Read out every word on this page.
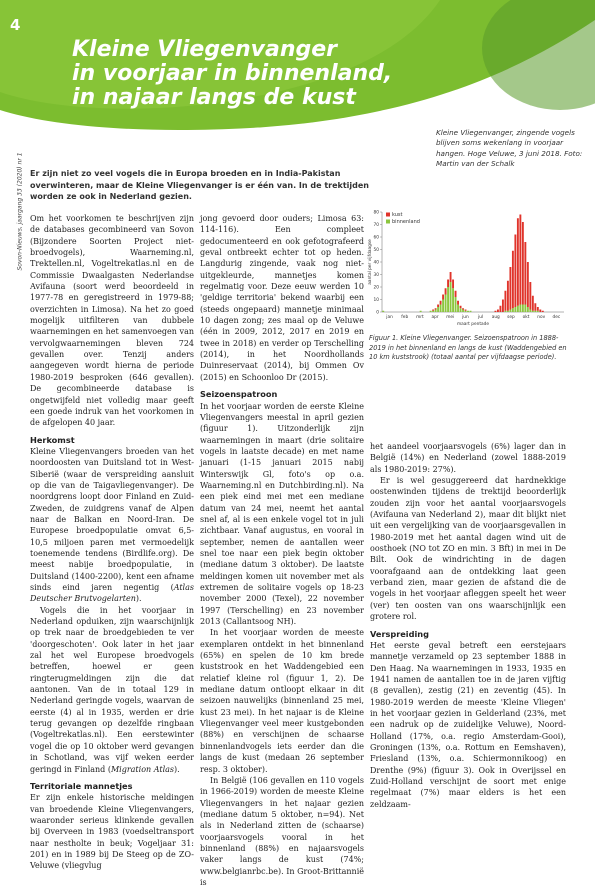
4
Kleine Vliegenvanger
in voorjaar in binnenland,
in najaar langs de kust
Kleine Vliegenvanger, zingende vogels blijven soms wekenlang in voorjaar hangen. Hoge Veluwe, 3 juni 2018. Foto: Martin van der Schalk
Sovon-Nieuws, jaargang 33 (2020) nr 1 Er zijn niet zo veel vogels die in Europa broeden en in India-Pakistan overwinteren, maar de Kleine Vliegenvanger is er één van. In de trektijden worden ze ook in Nederland gezien.

Om het voorkomen te beschrijven zijn de databases gecombineerd van Sovon (Bijzondere Soorten Project niet-broedvogels), Waarneming.nl, Trektellen.nl, Vogeltrekatlas.nl en de Commissie Dwaalgasten Nederlandse Avifauna (soort werd beoordeeld in 1977-78 en geregistreerd in 1979-88; overzichten in Limosa). Na het zo goed mogelijk uitfilteren van dubbele waarnemingen en het samenvoegen van vervolgwaarnemingen bleven 724 gevallen over. Tenzij anders aangegeven wordt hierna de periode 1980-2019 besproken (646 gevallen). De gecombineerde database is ongetwijfeld niet volledig maar geeft een goede indruk van het voorkomen in de afgelopen 40 jaar.

Herkomst

Kleine Vliegenvangers broeden van het noordoosten van Duitsland tot in West-Siberië (waar de verspreiding aansluit op die van de Taigavliegenvanger). De noordgrens loopt door Finland en Zuid-Zweden, de zuidgrens vanaf de Alpen naar de Balkan en Noord-Iran. De Europese broedpopulatie omvat 6,5-10,5 miljoen paren met vermoedelijk toenemende tendens (Birdlife.org). De meest nabije broedpopulatie, in Duitsland (1400-2200), kent een afname sinds eind jaren negentig (Atlas Deutscher Brutvogelarten).

Vogels die in het voorjaar in Nederland opduiken, zijn waarschijnlijk op trek naar de broedgebieden te ver 'doorgeschoten'. Ook later in het jaar zal het wel Europese broedvogels betreffen, hoewel er geen ringterugmeldingen zijn die dat aantonen. Van de in totaal 129 in Nederland geringde vogels, waarvan de eerste (4) al in 1935, werden er drie terug gevangen op dezelfde ringbaan (Vogeltrekatlas.nl). Een eerstewinter vogel die op 10 oktober werd gevangen in Schotland, was vijf weken eerder geringd in Finland (Migration Atlas).

Territoriale mannetjes

Er zijn enkele historische meldingen van broedende Kleine Vliegenvangers, waaronder serieus klinkende gevallen bij Overveen in 1983 (voedseltransport naar nestholte in beuk; Vogeljaar 31: 201) en in 1989 bij De Steeg op de ZO-Veluwe (vliegvlug

jong gevoerd door ouders; Limosa 63: 114-116). Een compleet gedocumenteerd en ook gefotografeerd geval ontbreekt echter tot op heden. Langdurig zingende, vaak nog niet-uitgekleurde, mannetjes komen regelmatig voor. Deze eeuw werden 10 'geldige territoria' bekend waarbij een (steeds ongepaard) mannetje minimaal 10 dagen zong; zes maal op de Veluwe (één in 2009, 2012, 2017 en 2019 en twee in 2018) en verder op Terschelling (2014), in het Noordhollands Duinreservaat (2014), bij Ommen Ov (2015) en Schoonloo Dr (2015).

Seizoenspatroon

In het voorjaar worden de eerste Kleine Vliegenvangers meestal in april gezien (figuur 1). Uitzonderlijk zijn waarnemingen in maart (drie solitaire vogels in laatste decade) en met name januari (1-15 januari 2015 nabij Winterswijk Gl, foto's op o.a. Waarneming.nl en Dutchbirding.nl). Na een piek eind mei met een mediane datum van 24 mei, neemt het aantal snel af, al is een enkele vogel tot in juli zichtbaar. Vanaf augustus, en vooral in september, nemen de aantallen weer snel toe naar een piek begin oktober (mediane datum 3 oktober). De laatste meldingen komen uit november met als extremen de solitaire vogels op 18-23 november 2000 (Texel), 22 november 1997 (Terschelling) en 23 november 2013 (Callantsoog NH).

In het voorjaar worden de meeste exemplaren ontdekt in het binnenland (65%) en spelen de 10 km brede kuststrook en het Waddengebied een relatief kleine rol (figuur 1, 2). De mediane datum ontloopt elkaar in dit seizoen nauwelijks (binnenland 25 mei, kust 23 mei). In het najaar is de Kleine Vliegenvanger veel meer kustgebonden (88%) en verschijnen de schaarse binnenlandvogels iets eerder dan die langs de kust (medaan 26 september resp. 3 oktober).

In België (106 gevallen en 110 vogels in 1966-2019) worden de meeste Kleine Vliegenvangers in het najaar gezien (mediane datum 5 oktober, n=94). Net als in Nederland zitten de (schaarse) voorjaarsvogels vooral in het binnenland (88%) en najaarsvogels vaker langs de kust (74%; www.belgianrbc.be). In Groot-Brittannië is

0
10
20
30
40
50
60
70
80
aantal per vijfdaagse
jan feb mrt apr mei jun jul aug sep okt nov dec
maart pentade
kust
binnenland
Figuur 1. Kleine Vliegenvanger. Seizoenspatroon in 1888-2019 in het binnenland en langs de kust (Waddengebied en 10 km kuststrook) (totaal aantal per vijfdaagse periode).

het aandeel voorjaarsvogels (6%) lager dan in België (14%) en Nederland (zowel 1888-2019 als 1980-2019: 27%).

Er is wel gesuggereerd dat hardnekkige oostenwinden tijdens de trektijd beoorderlijk zouden zijn voor het aantal voorjaarsvogels (Avifauna van Nederland 2), maar dit blijkt niet uit een vergelijking van de voorjaarsgevallen in 1980-2019 met het aantal dagen wind uit de oosthoek (NO tot ZO en min. 3 Bft) in mei in De Bilt. Ook de windrichting in de dagen voorafgaand aan de ontdekking laat geen verband zien, maar gezien de afstand die de vogels in het voorjaar afleggen speelt het weer (ver) ten oosten van ons waarschijnlijk een grotere rol.

Verspreiding

Het eerste geval betreft een eerstejaars mannetje verzameld op 23 september 1888 in Den Haag. Na waarnemingen in 1933, 1935 en 1941 namen de aantallen toe in de jaren vijftig (8 gevallen), zestig (21) en zeventig (45). In 1980-2019 werden de meeste 'Kleine Vliegen' in het voorjaar gezien in Gelderland (23%, met een nadruk op de zuidelijke Veluwe), Noord-Holland (17%, o.a. regio Amsterdam-Gooi), Groningen (13%, o.a. Rottum en Eemshaven), Friesland (13%, o.a. Schiermonnikoog) en Drenthe (9%) (figuur 3). Ook in Overijssel en Zuid-Holland verschijnt de soort met enige regelmaat (7%) maar elders is het een zeldzaam-
